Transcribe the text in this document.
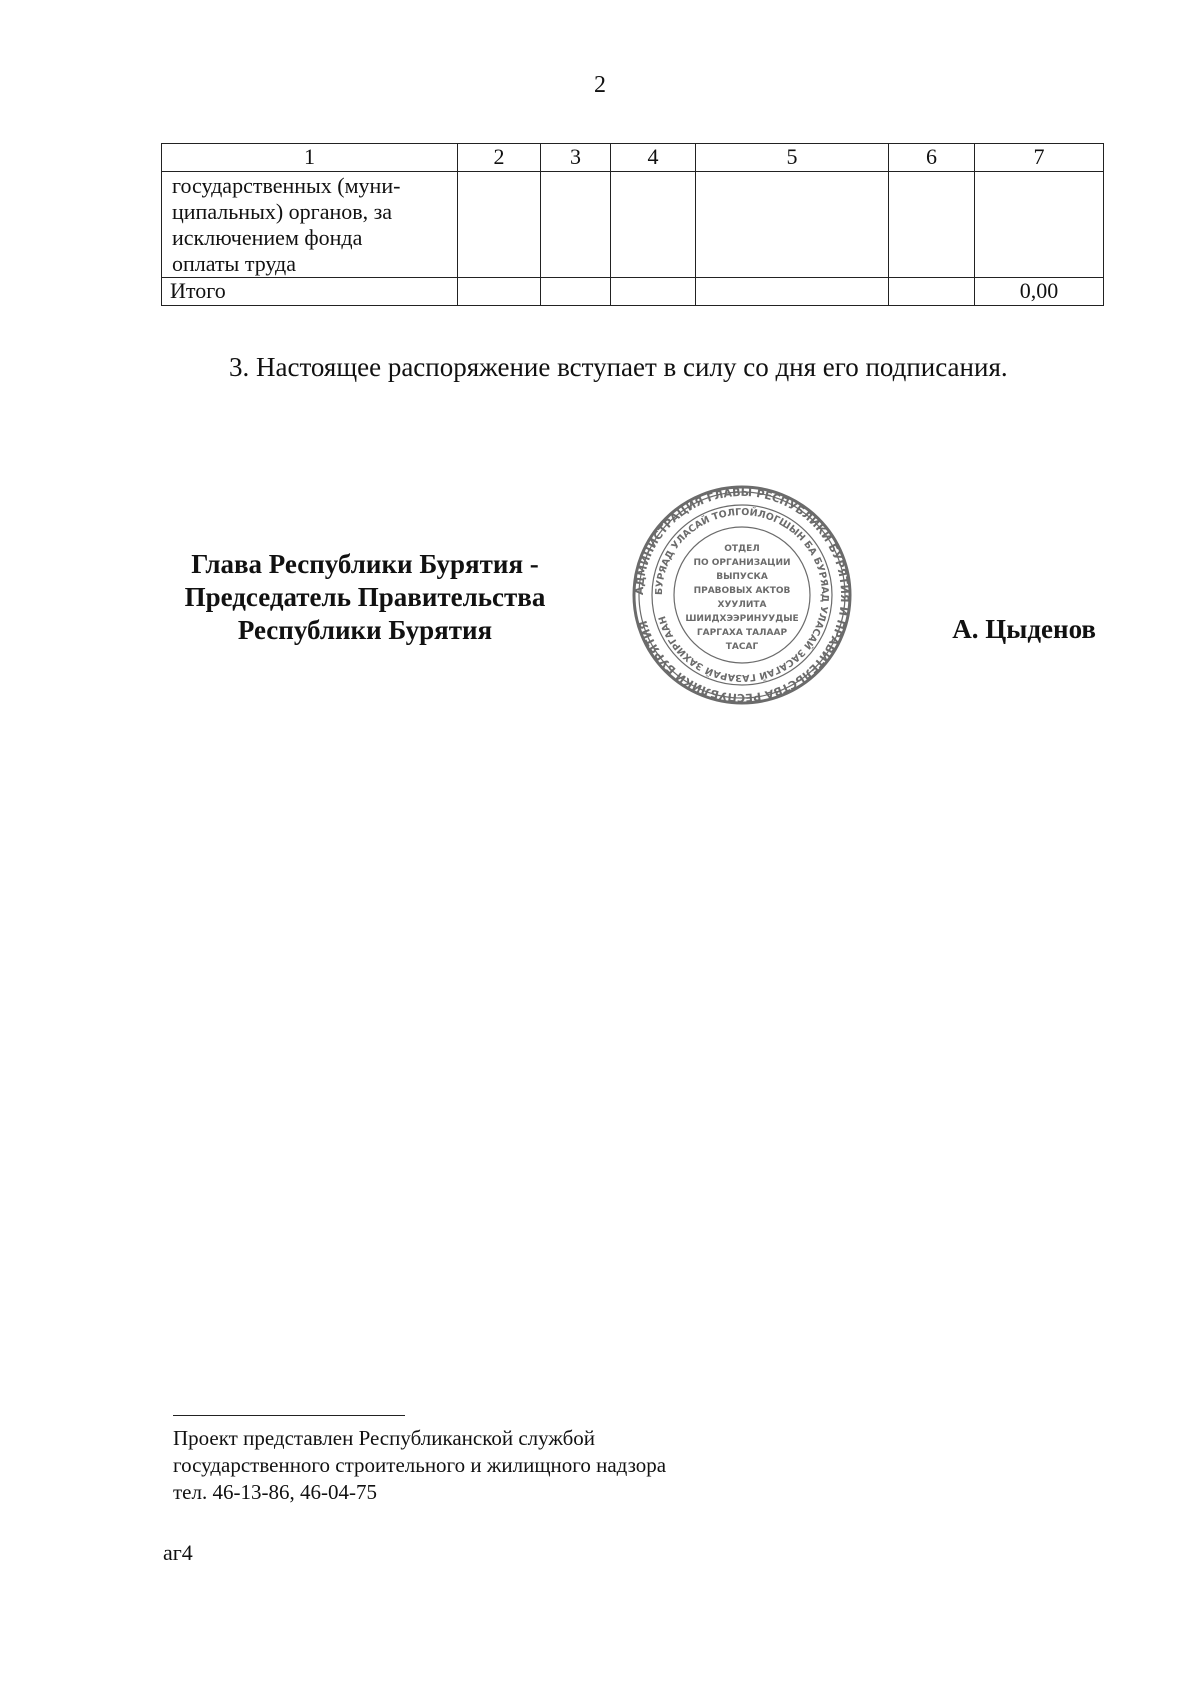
2
1	2	3	4	5	6	7
государственных (муни-
ципальных) органов, за
исключением фонда
оплаты труда						
Итого						0,00
3. Настоящее распоряжение вступает в силу со дня его подписания.
Глава Республики Бурятия -
Председатель Правительства
Республики Бурятия
АДМИНИСТРАЦИЯ ГЛАВЫ РЕСПУБЛИКИ БУРЯТИЯ И ПРАВИТЕЛЬСТВА РЕСПУБЛИКИ БУРЯТИЯ
БУРЯАД УЛАСАЙ ТОЛГОЙЛОГШЫН БА БУРЯАД УЛАСАЙ ЗАСАГАЙ ГАЗАРАЙ ЗАХИРГААН
ОТДЕЛ
ПО ОРГАНИЗАЦИИ
ВЫПУСКА
ПРАВОВЫХ АКТОВ
ХУУЛИТА
ШИИДХЭЭРИНУУДЫЕ
ГАРГАХА ТАЛААР
ТАСАГ
А. Цыденов
Проект представлен Республиканской службой
государственного строительного и жилищного надзора
тел. 46-13-86, 46-04-75
аг4
